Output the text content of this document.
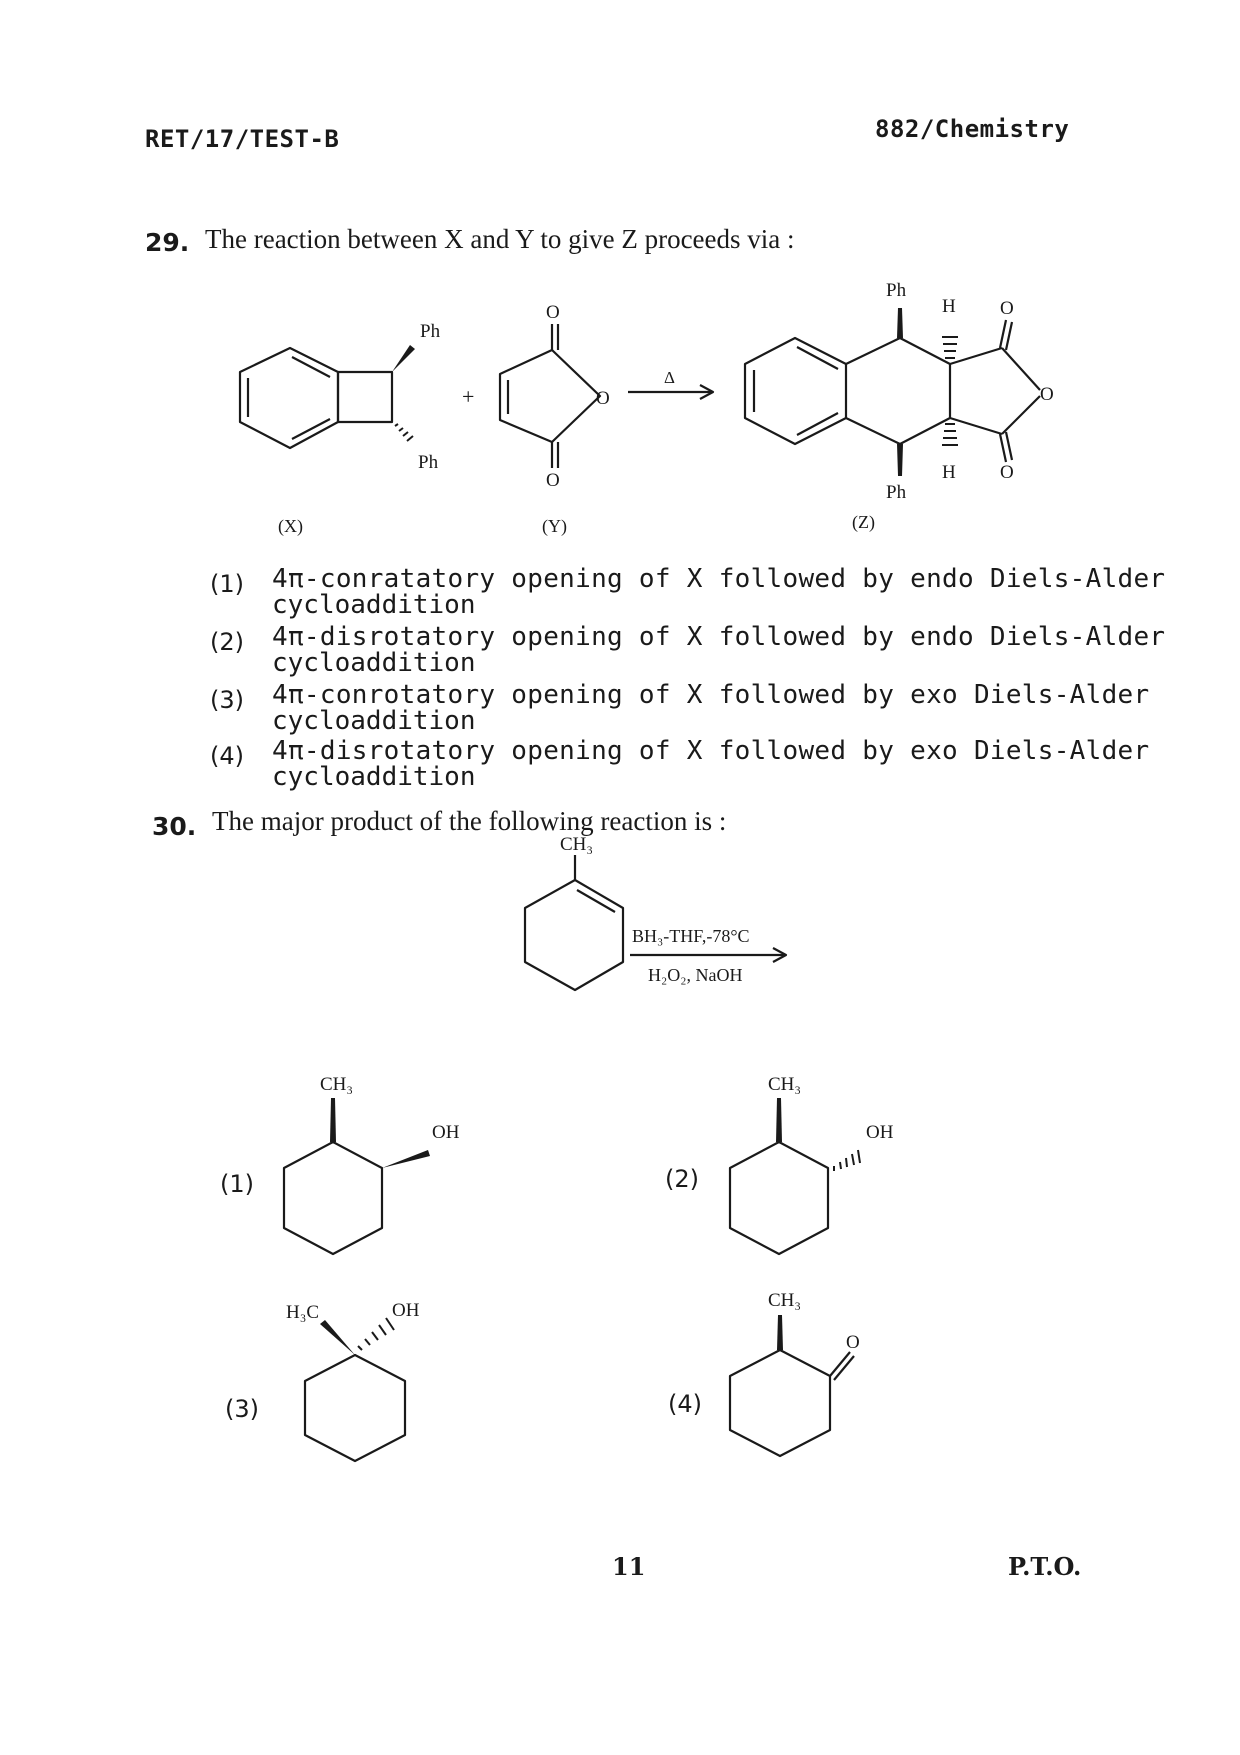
RET/17/TEST-B	882/Chemistry
29. The reaction between X and Y to give Z proceeds via :
Ph
Ph
O
O
O
+
Δ
Ph
Ph
H
H
O
O
O
(X)	(Y)	(Z)
(1) 4π-conratatory opening of X followed by endo Diels-Alder
cycloaddition
(2) 4π-disrotatory opening of X followed by endo Diels-Alder
cycloaddition
(3) 4π-conrotatory opening of X followed by exo Diels-Alder
cycloaddition
(4) 4π-disrotatory opening of X followed by exo Diels-Alder
cycloaddition
30. The major product of the following reaction is :
CH₃
BH₃-THF,-78°C
H₂O₂, NaOH
CH₃
OH
CH₃
OH
H₃C	OH	CH₃
O
(1)	(2)
(3)	(4)
11	P.T.O.
